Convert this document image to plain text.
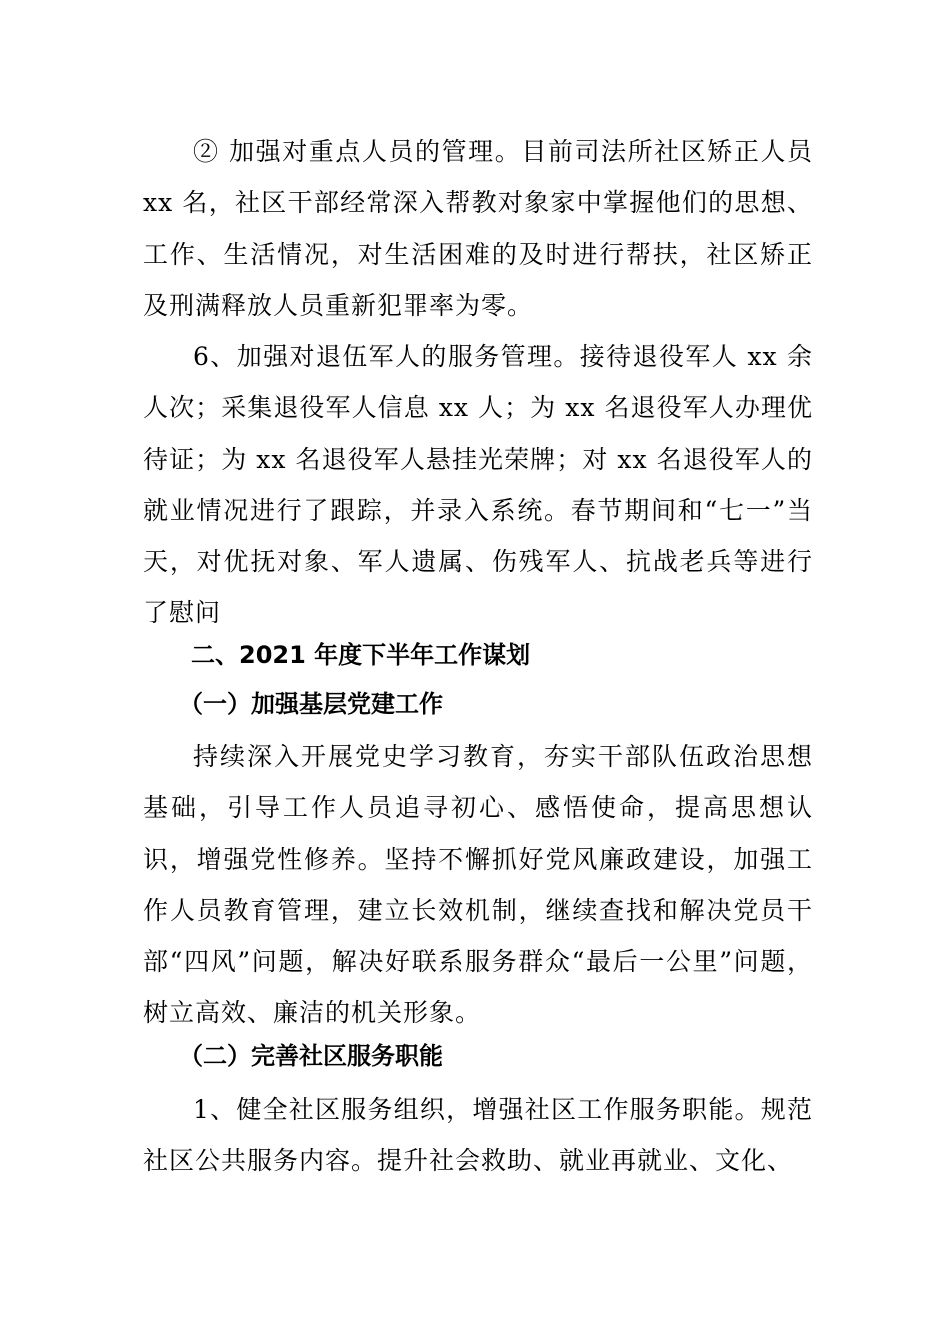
② 加强对重点人员的管理。目前司法所社区矫正人员 xx 名，社区干部经常深入帮教对象家中掌握他们的思想、工作、生活情况，对生活困难的及时进行帮扶，社区矫正及刑满释放人员重新犯罪率为零。

6、加强对退伍军人的服务管理。接待退役军人 xx 余人次；采集退役军人信息 xx 人；为 xx 名退役军人办理优待证；为 xx 名退役军人悬挂光荣牌；对 xx 名退役军人的就业情况进行了跟踪，并录入系统。春节期间和“七一”当天，对优抚对象、军人遗属、伤残军人、抗战老兵等进行了慰问

二、2021 年度下半年工作谋划
（一）加强基层党建工作

持续深入开展党史学习教育，夯实干部队伍政治思想基础，引导工作人员追寻初心、感悟使命，提高思想认识，增强党性修养。坚持不懈抓好党风廉政建设，加强工作人员教育管理，建立长效机制，继续查找和解决党员干部“四风”问题，解决好联系服务群众“最后一公里”问题，树立高效、廉洁的机关形象。

（二）完善社区服务职能

1、健全社区服务组织，增强社区工作服务职能。规范社区公共服务内容。提升社会救助、就业再就业、文化、
